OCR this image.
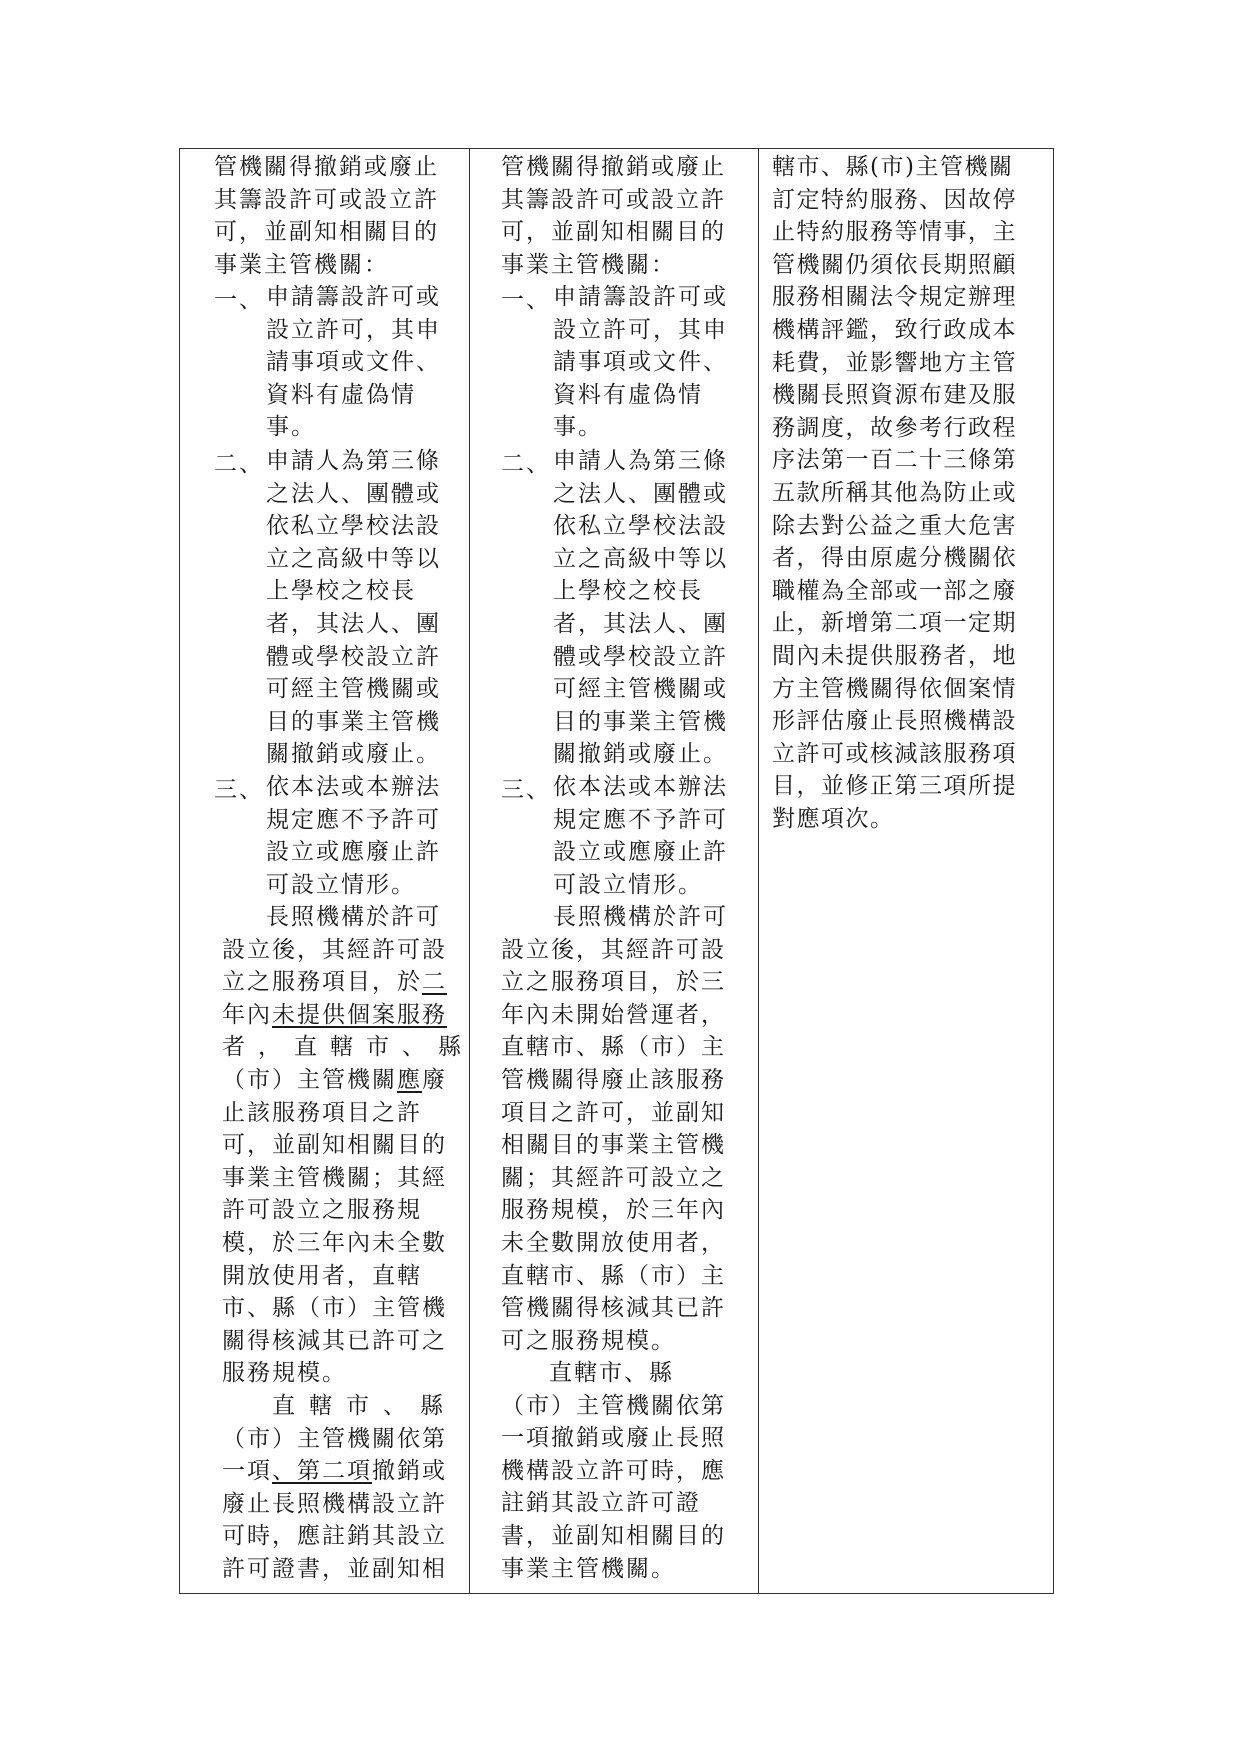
管機關得撤銷或廢止
其籌設許可或設立許
可，並副知相關目的
事業主管機關：
一、 申請籌設許可或
設立許可，其申
請事項或文件、
資料有虛偽情
事。
二、 申請人為第三條
之法人、團體或
依私立學校法設
立之高級中等以
上學校之校長
者，其法人、團
體或學校設立許
可經主管機關或
目的事業主管機
關撤銷或廢止。
三、 依本法或本辦法
規定應不予許可
設立或應廢止許
可設立情形。
長照機構於許可
設立後，其經許可設
立之服務項目，於二
年內未提供個案服務
者，直轄市、縣
（市）主管機關應廢
止該服務項目之許
可，並副知相關目的
事業主管機關；其經
許可設立之服務規
模，於三年內未全數
開放使用者，直轄
市、縣（市）主管機
關得核減其已許可之
服務規模。
直轄市、縣
（市）主管機關依第
一項、第二項撤銷或
廢止長照機構設立許
可時，應註銷其設立
許可證書，並副知相
管機關得撤銷或廢止
其籌設許可或設立許
可，並副知相關目的
事業主管機關：
一、 申請籌設許可或
設立許可，其申
請事項或文件、
資料有虛偽情
事。
二、 申請人為第三條
之法人、團體或
依私立學校法設
立之高級中等以
上學校之校長
者，其法人、團
體或學校設立許
可經主管機關或
目的事業主管機
關撤銷或廢止。
三、 依本法或本辦法
規定應不予許可
設立或應廢止許
可設立情形。
長照機構於許可
設立後，其經許可設
立之服務項目，於三
年內未開始營運者，
直轄市、縣（市）主
管機關得廢止該服務
項目之許可，並副知
相關目的事業主管機
關；其經許可設立之
服務規模，於三年內
未全數開放使用者，
直轄市、縣（市）主
管機關得核減其已許
可之服務規模。
直轄市、縣
（市）主管機關依第
一項撤銷或廢止長照
機構設立許可時，應
註銷其設立許可證
書，並副知相關目的
事業主管機關。
轄市、縣(市)主管機關
訂定特約服務、因故停
止特約服務等情事，主
管機關仍須依長期照顧
服務相關法令規定辦理
機構評鑑，致行政成本
耗費，並影響地方主管
機關長照資源布建及服
務調度，故參考行政程
序法第一百二十三條第
五款所稱其他為防止或
除去對公益之重大危害
者，得由原處分機關依
職權為全部或一部之廢
止，新增第二項一定期
間內未提供服務者，地
方主管機關得依個案情
形評估廢止長照機構設
立許可或核減該服務項
目，並修正第三項所提
對應項次。
